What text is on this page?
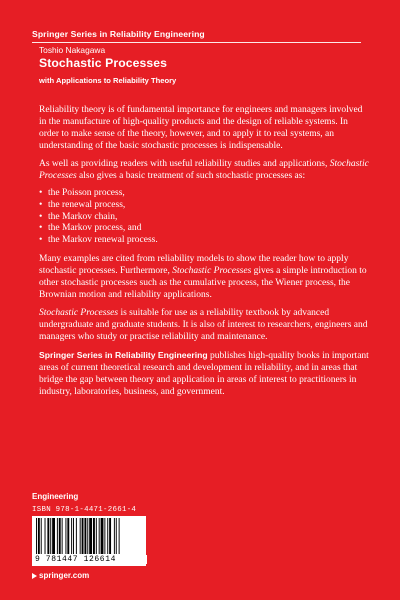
Springer Series in Reliability Engineering
Toshio Nakagawa
Stochastic Processes
with Applications to Reliability Theory

Reliability theory is of fundamental importance for engineers and managers involved in the manufacture of high-quality products and the design of reliable systems. In order to make sense of the theory, however, and to apply it to real systems, an understanding of the basic stochastic processes is indispensable.

As well as providing readers with useful reliability studies and applications, Stochastic Processes also gives a basic treatment of such stochastic processes as:

• the Poisson process,
• the renewal process,
• the Markov chain,
• the Markov process, and
• the Markov renewal process.

Many examples are cited from reliability models to show the reader how to apply stochastic processes. Furthermore, Stochastic Processes gives a simple introduction to other stochastic processes such as the cumulative process, the Wiener process, the Brownian motion and reliability applications.

Stochastic Processes is suitable for use as a reliability textbook by advanced undergraduate and graduate students. It is also of interest to researchers, engineers and managers who study or practise reliability and maintenance.

Springer Series in Reliability Engineering publishes high-quality books in important areas of current theoretical research and development in reliability, and in areas that bridge the gap between theory and application in areas of interest to practitioners in industry, laboratories, business, and government.

Engineering
ISBN 978-1-4471-2661-4
9 781447 126614
springer.com
